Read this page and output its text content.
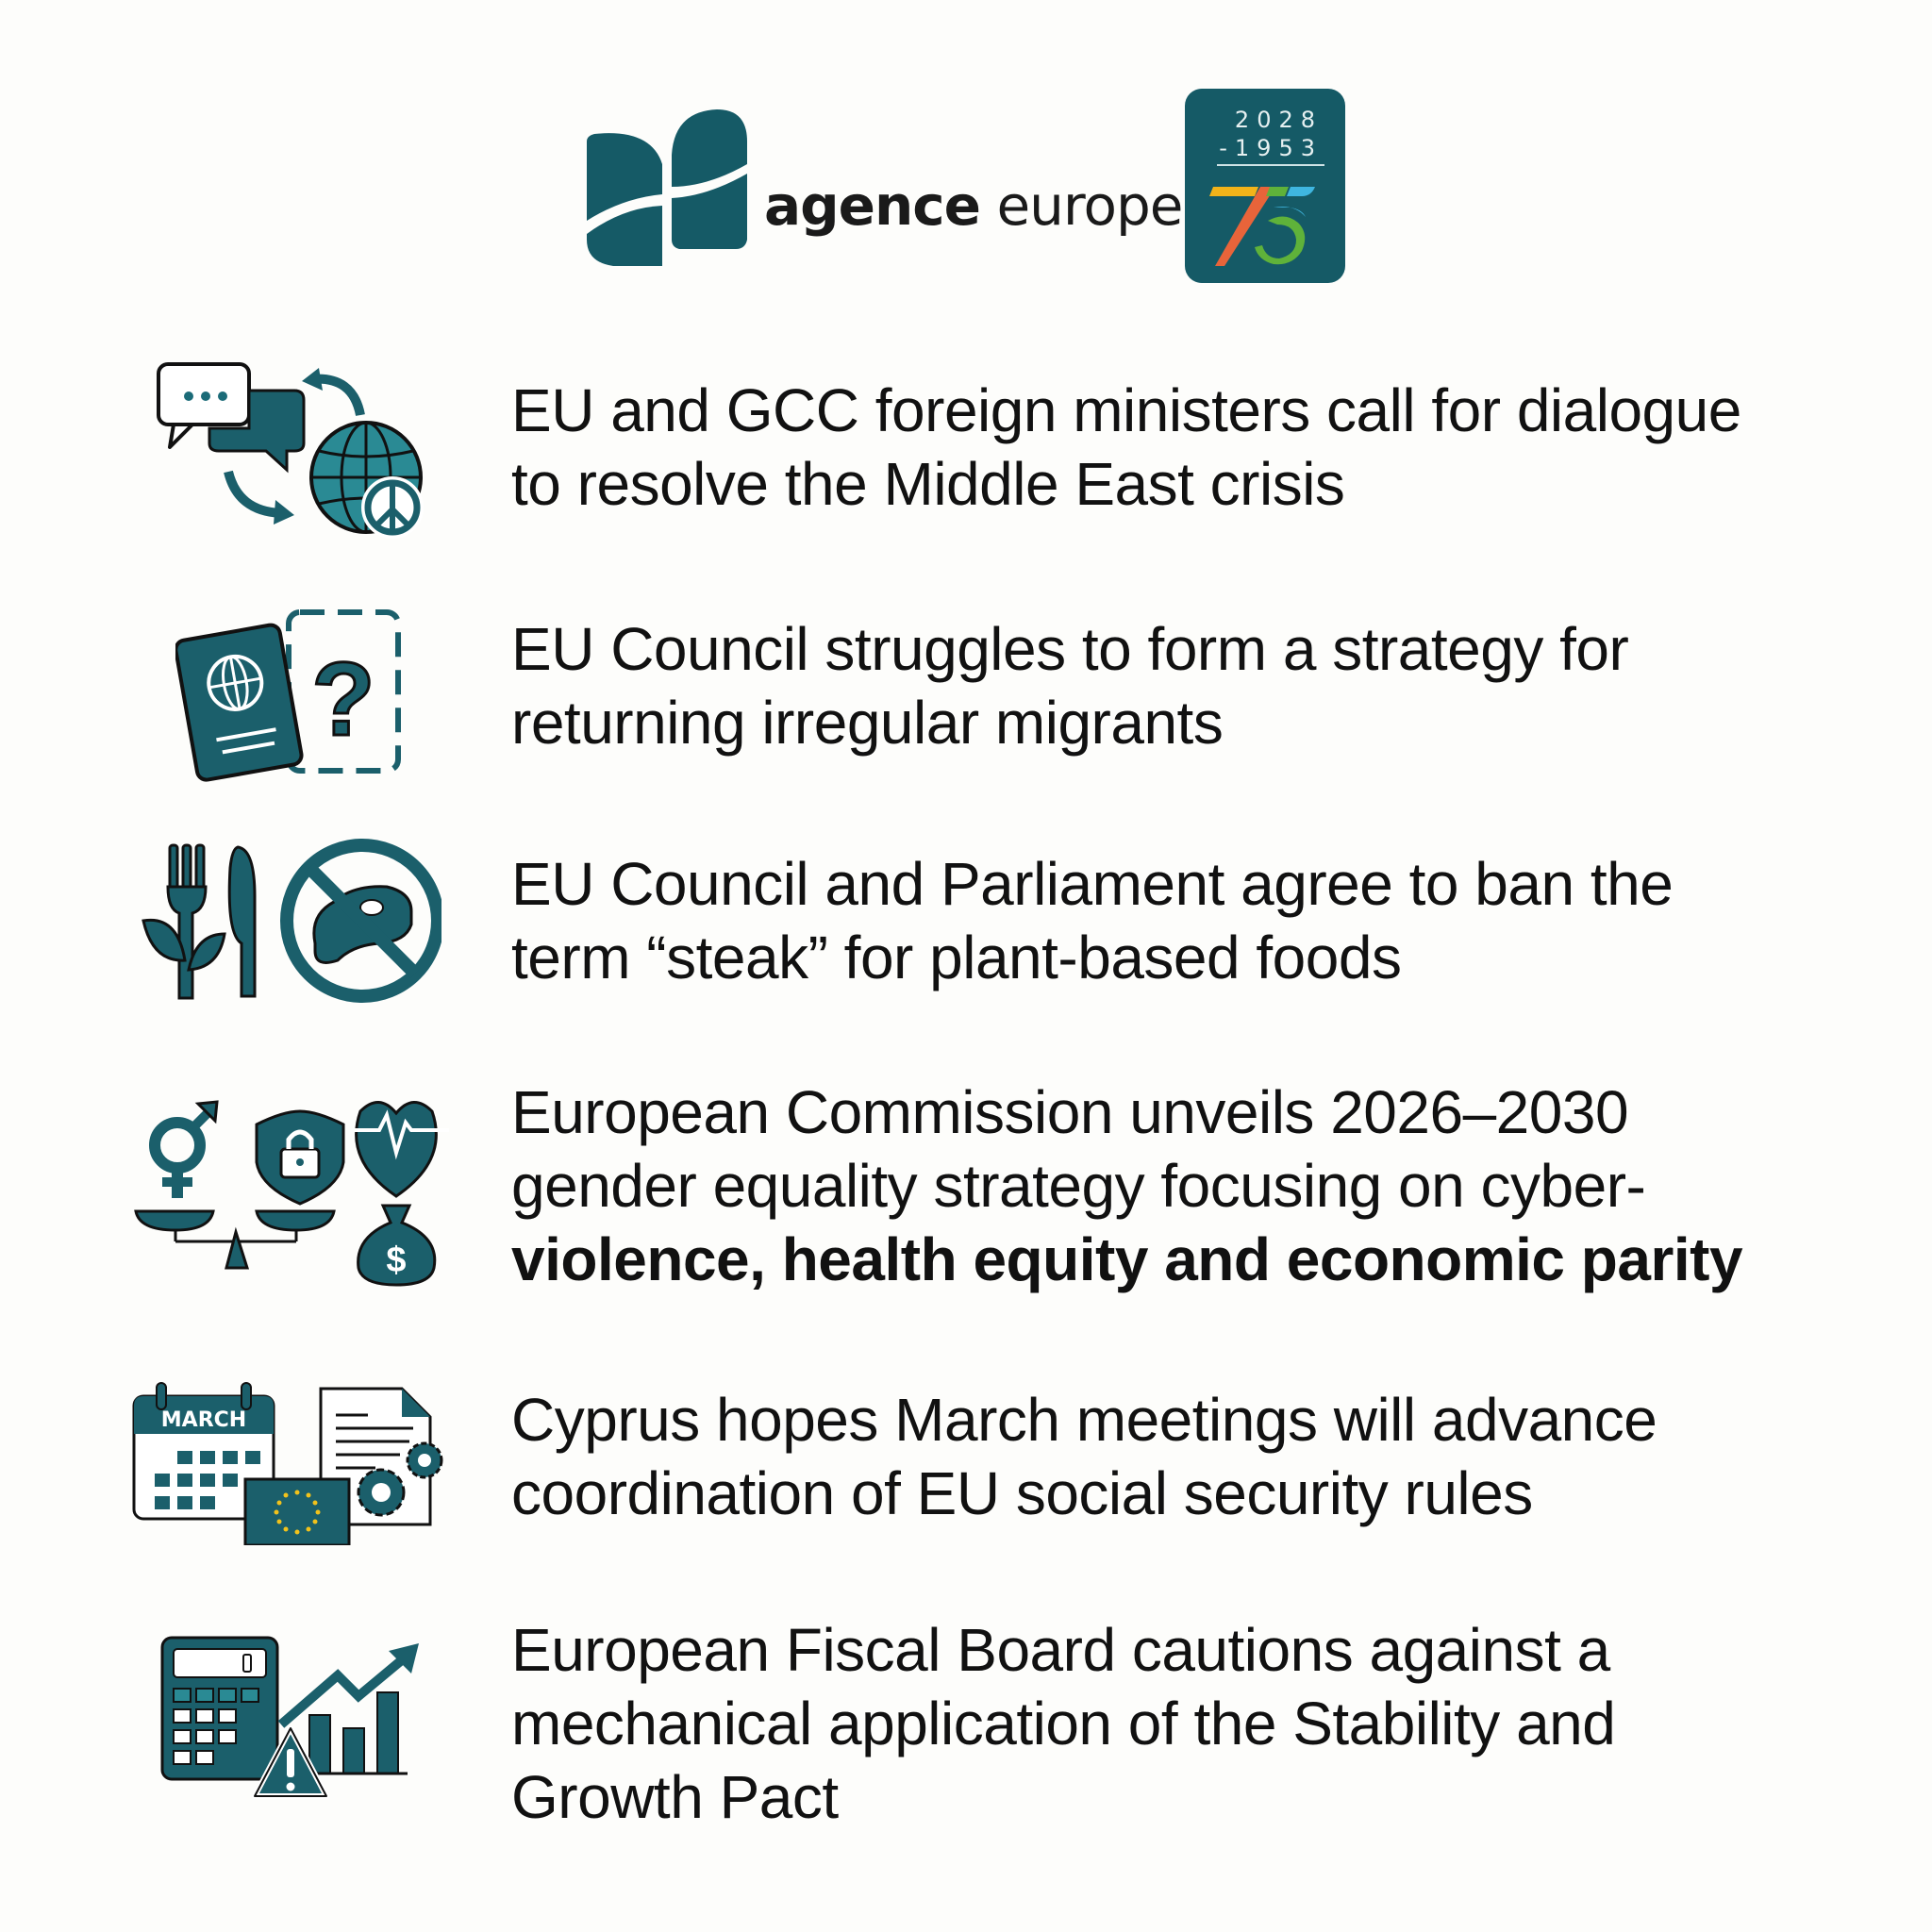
agence europe
2028
-1953
EU and GCC foreign ministers call for dialogue
to resolve the Middle East crisis
? EU Council struggles to form a strategy for
returning irregular migrants
EU Council and Parliament agree to ban the
term “steak” for plant-based foods
$
European Commission unveils 2026–2030
gender equality strategy focusing on cyber-
violence, health equity and economic parity
MARCH	Cyprus hopes March meetings will advance
coordination of EU social security rules
European Fiscal Board cautions against a
mechanical application of the Stability and
Growth Pact
